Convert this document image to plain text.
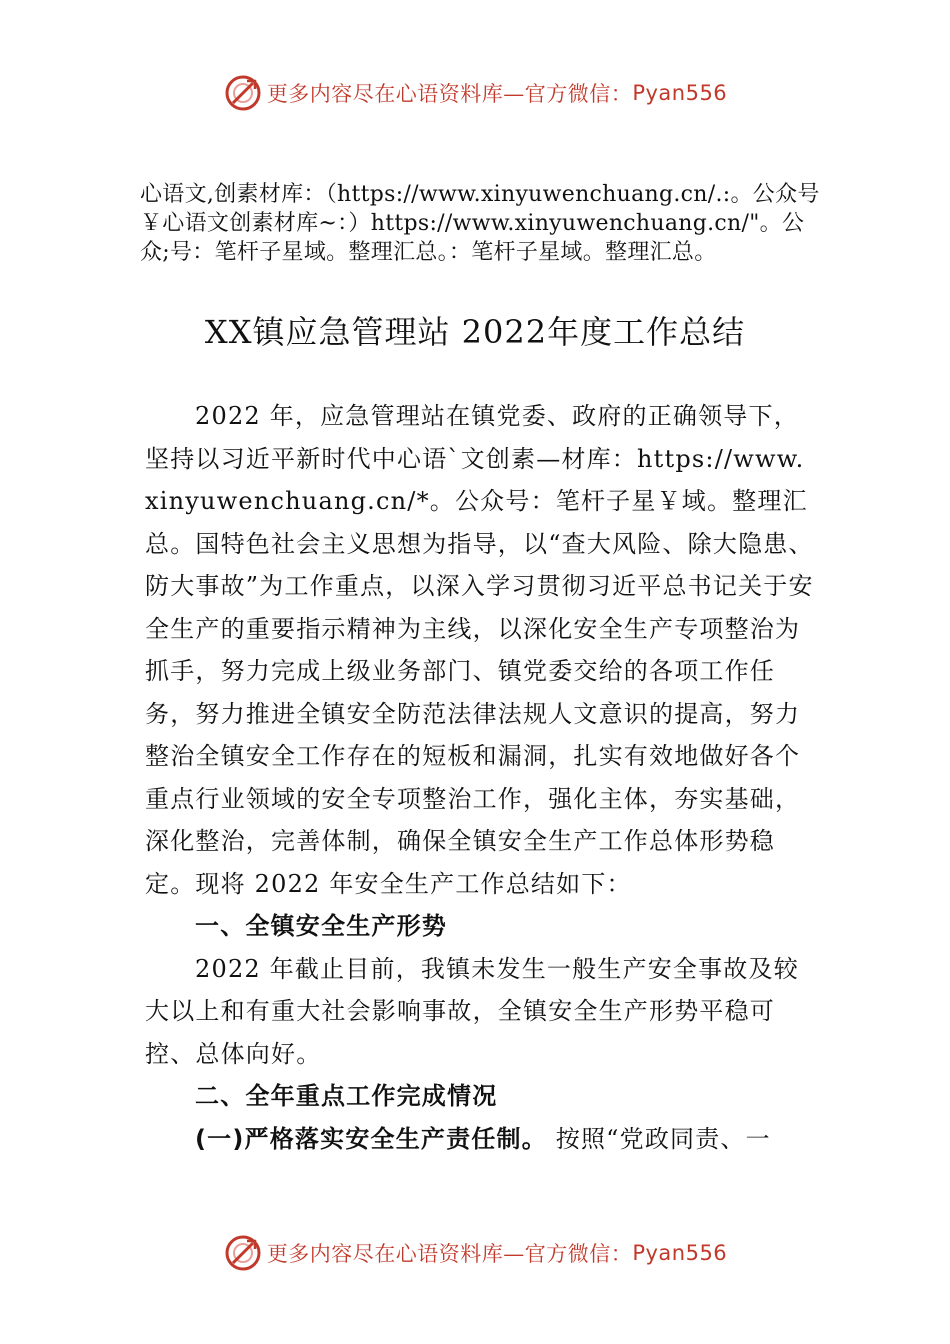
更多内容尽在心语资料库—官方微信： Pyan556
心语文,创素材库：（https://www.xinyuwenchuang.cn/.:。公众号￥心语文创素材库~：）https://www.xinyuwenchuang.cn/"。公众;号：笔杆子星域。整理汇总。：笔杆子星域。整理汇总。
XX镇应急管理站 2022年度工作总结

2022 年，应急管理站在镇党委、政府的正确领导下，坚持以习近平新时代中心语`文创素—材库：https://www.xinyuwenchuang.cn/*。公众号：笔杆子星￥域。整理汇总。国特色社会主义思想为指导，以“查大风险、除大隐患、防大事故”为工作重点，以深入学习贯彻习近平总书记关于安全生产的重要指示精神为主线，以深化安全生产专项整治为抓手，努力完成上级业务部门、镇党委交给的各项工作任务，努力推进全镇安全防范法律法规人文意识的提高，努力整治全镇安全工作存在的短板和漏洞，扎实有效地做好各个重点行业领域的安全专项整治工作，强化主体，夯实基础，深化整治，完善体制，确保全镇安全生产工作总体形势稳定。现将 2022 年安全生产工作总结如下：

一、全镇安全生产形势

2022 年截止目前，我镇未发生一般生产安全事故及较大以上和有重大社会影响事故，全镇安全生产形势平稳可控、总体向好。

二、全年重点工作完成情况

(一)严格落实安全生产责任制。 按照“党政同责、一

更多内容尽在心语资料库—官方微信： Pyan556
